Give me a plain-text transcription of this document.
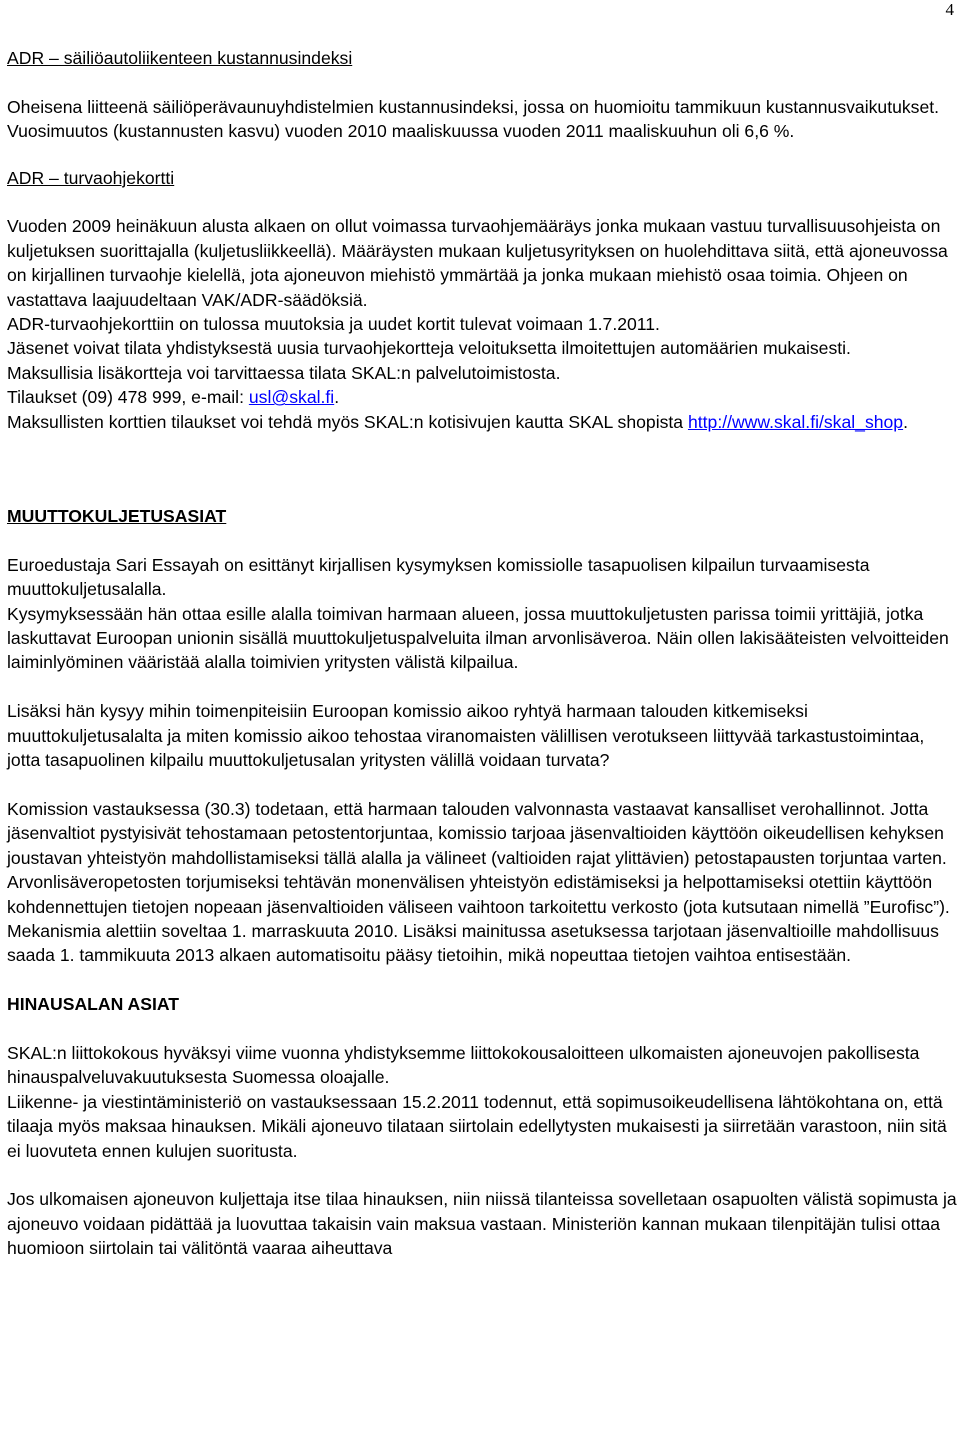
4

ADR – säiliöautoliikenteen kustannusindeksi

Oheisena liitteenä säiliöperävaunuyhdistelmien kustannusindeksi, jossa on huomioitu tammikuun kustannusvaikutukset. Vuosimuutos (kustannusten kasvu) vuoden 2010 maaliskuussa vuoden 2011 maaliskuuhun oli 6,6 %.

ADR – turvaohjekortti

Vuoden 2009 heinäkuun alusta alkaen on ollut voimassa turvaohjemääräys jonka mukaan vastuu turvallisuusohjeista on kuljetuksen suorittajalla (kuljetusliikkeellä). Määräysten mukaan kuljetusyrityksen on huolehdittava siitä, että ajoneuvossa on kirjallinen turvaohje kielellä, jota ajoneuvon miehistö ymmärtää ja jonka mukaan miehistö osaa toimia. Ohjeen on vastattava laajuudeltaan VAK/ADR-säädöksiä.

ADR-turvaohjekorttiin on tulossa muutoksia ja uudet kortit tulevat voimaan 1.7.2011.

Jäsenet voivat tilata yhdistyksestä uusia turvaohjekortteja veloituksetta ilmoitettujen automäärien mukaisesti.

Maksullisia lisäkortteja voi tarvittaessa tilata SKAL:n palvelutoimistosta.

Tilaukset (09) 478 999, e-mail: usl@skal.fi.

Maksullisten korttien tilaukset voi tehdä myös SKAL:n kotisivujen kautta SKAL shopista http://www.skal.fi/skal_shop.

MUUTTOKULJETUSASIAT

Euroedustaja Sari Essayah on esittänyt kirjallisen kysymyksen komissiolle tasapuolisen kilpailun turvaamisesta muuttokuljetusalalla.

Kysymyksessään hän ottaa esille alalla toimivan harmaan alueen, jossa muuttokuljetusten parissa toimii yrittäjiä, jotka laskuttavat Euroopan unionin sisällä muuttokuljetuspalveluita ilman arvonlisäveroa. Näin ollen lakisääteisten velvoitteiden laiminlyöminen vääristää alalla toimivien yritysten välistä kilpailua.

Lisäksi hän kysyy mihin toimenpiteisiin Euroopan komissio aikoo ryhtyä harmaan talouden kitkemiseksi muuttokuljetusalalta ja miten komissio aikoo tehostaa viranomaisten välillisen verotukseen liittyvää tarkastustoimintaa, jotta tasapuolinen kilpailu muuttokuljetusalan yritysten välillä voidaan turvata?

Komission vastauksessa (30.3) todetaan, että harmaan talouden valvonnasta vastaavat kansalliset verohallinnot. Jotta jäsenvaltiot pystyisivät tehostamaan petostentorjuntaa, komissio tarjoaa jäsenvaltioiden käyttöön oikeudellisen kehyksen joustavan yhteistyön mahdollistamiseksi tällä alalla ja välineet (valtioiden rajat ylittävien) petostapausten torjuntaa varten. Arvonlisäveropetosten torjumiseksi tehtävän monenvälisen yhteistyön edistämiseksi ja helpottamiseksi otettiin käyttöön kohdennettujen tietojen nopeaan jäsenvaltioiden väliseen vaihtoon tarkoitettu verkosto (jota kutsutaan nimellä ”Eurofisc”). Mekanismia alettiin soveltaa 1. marraskuuta 2010. Lisäksi mainitussa asetuksessa tarjotaan jäsenvaltioille mahdollisuus saada 1. tammikuuta 2013 alkaen automatisoitu pääsy tietoihin, mikä nopeuttaa tietojen vaihtoa entisestään.

HINAUSALAN ASIAT

SKAL:n liittokokous hyväksyi viime vuonna yhdistyksemme liittokokousaloitteen ulkomaisten ajoneuvojen pakollisesta hinauspalveluvakuutuksesta Suomessa oloajalle.

Liikenne- ja viestintäministeriö on vastauksessaan 15.2.2011 todennut, että sopimusoikeudellisena lähtökohtana on, että tilaaja myös maksaa hinauksen. Mikäli ajoneuvo tilataan siirtolain edellytysten mukaisesti ja siirretään varastoon, niin sitä ei luovuteta ennen kulujen suoritusta.

Jos ulkomaisen ajoneuvon kuljettaja itse tilaa hinauksen, niin niissä tilanteissa sovelletaan osapuolten välistä sopimusta ja ajoneuvo voidaan pidättää ja luovuttaa takaisin vain maksua vastaan. Ministeriön kannan mukaan tilenpitäjän tulisi ottaa huomioon siirtolain tai välitöntä vaaraa aiheuttava
